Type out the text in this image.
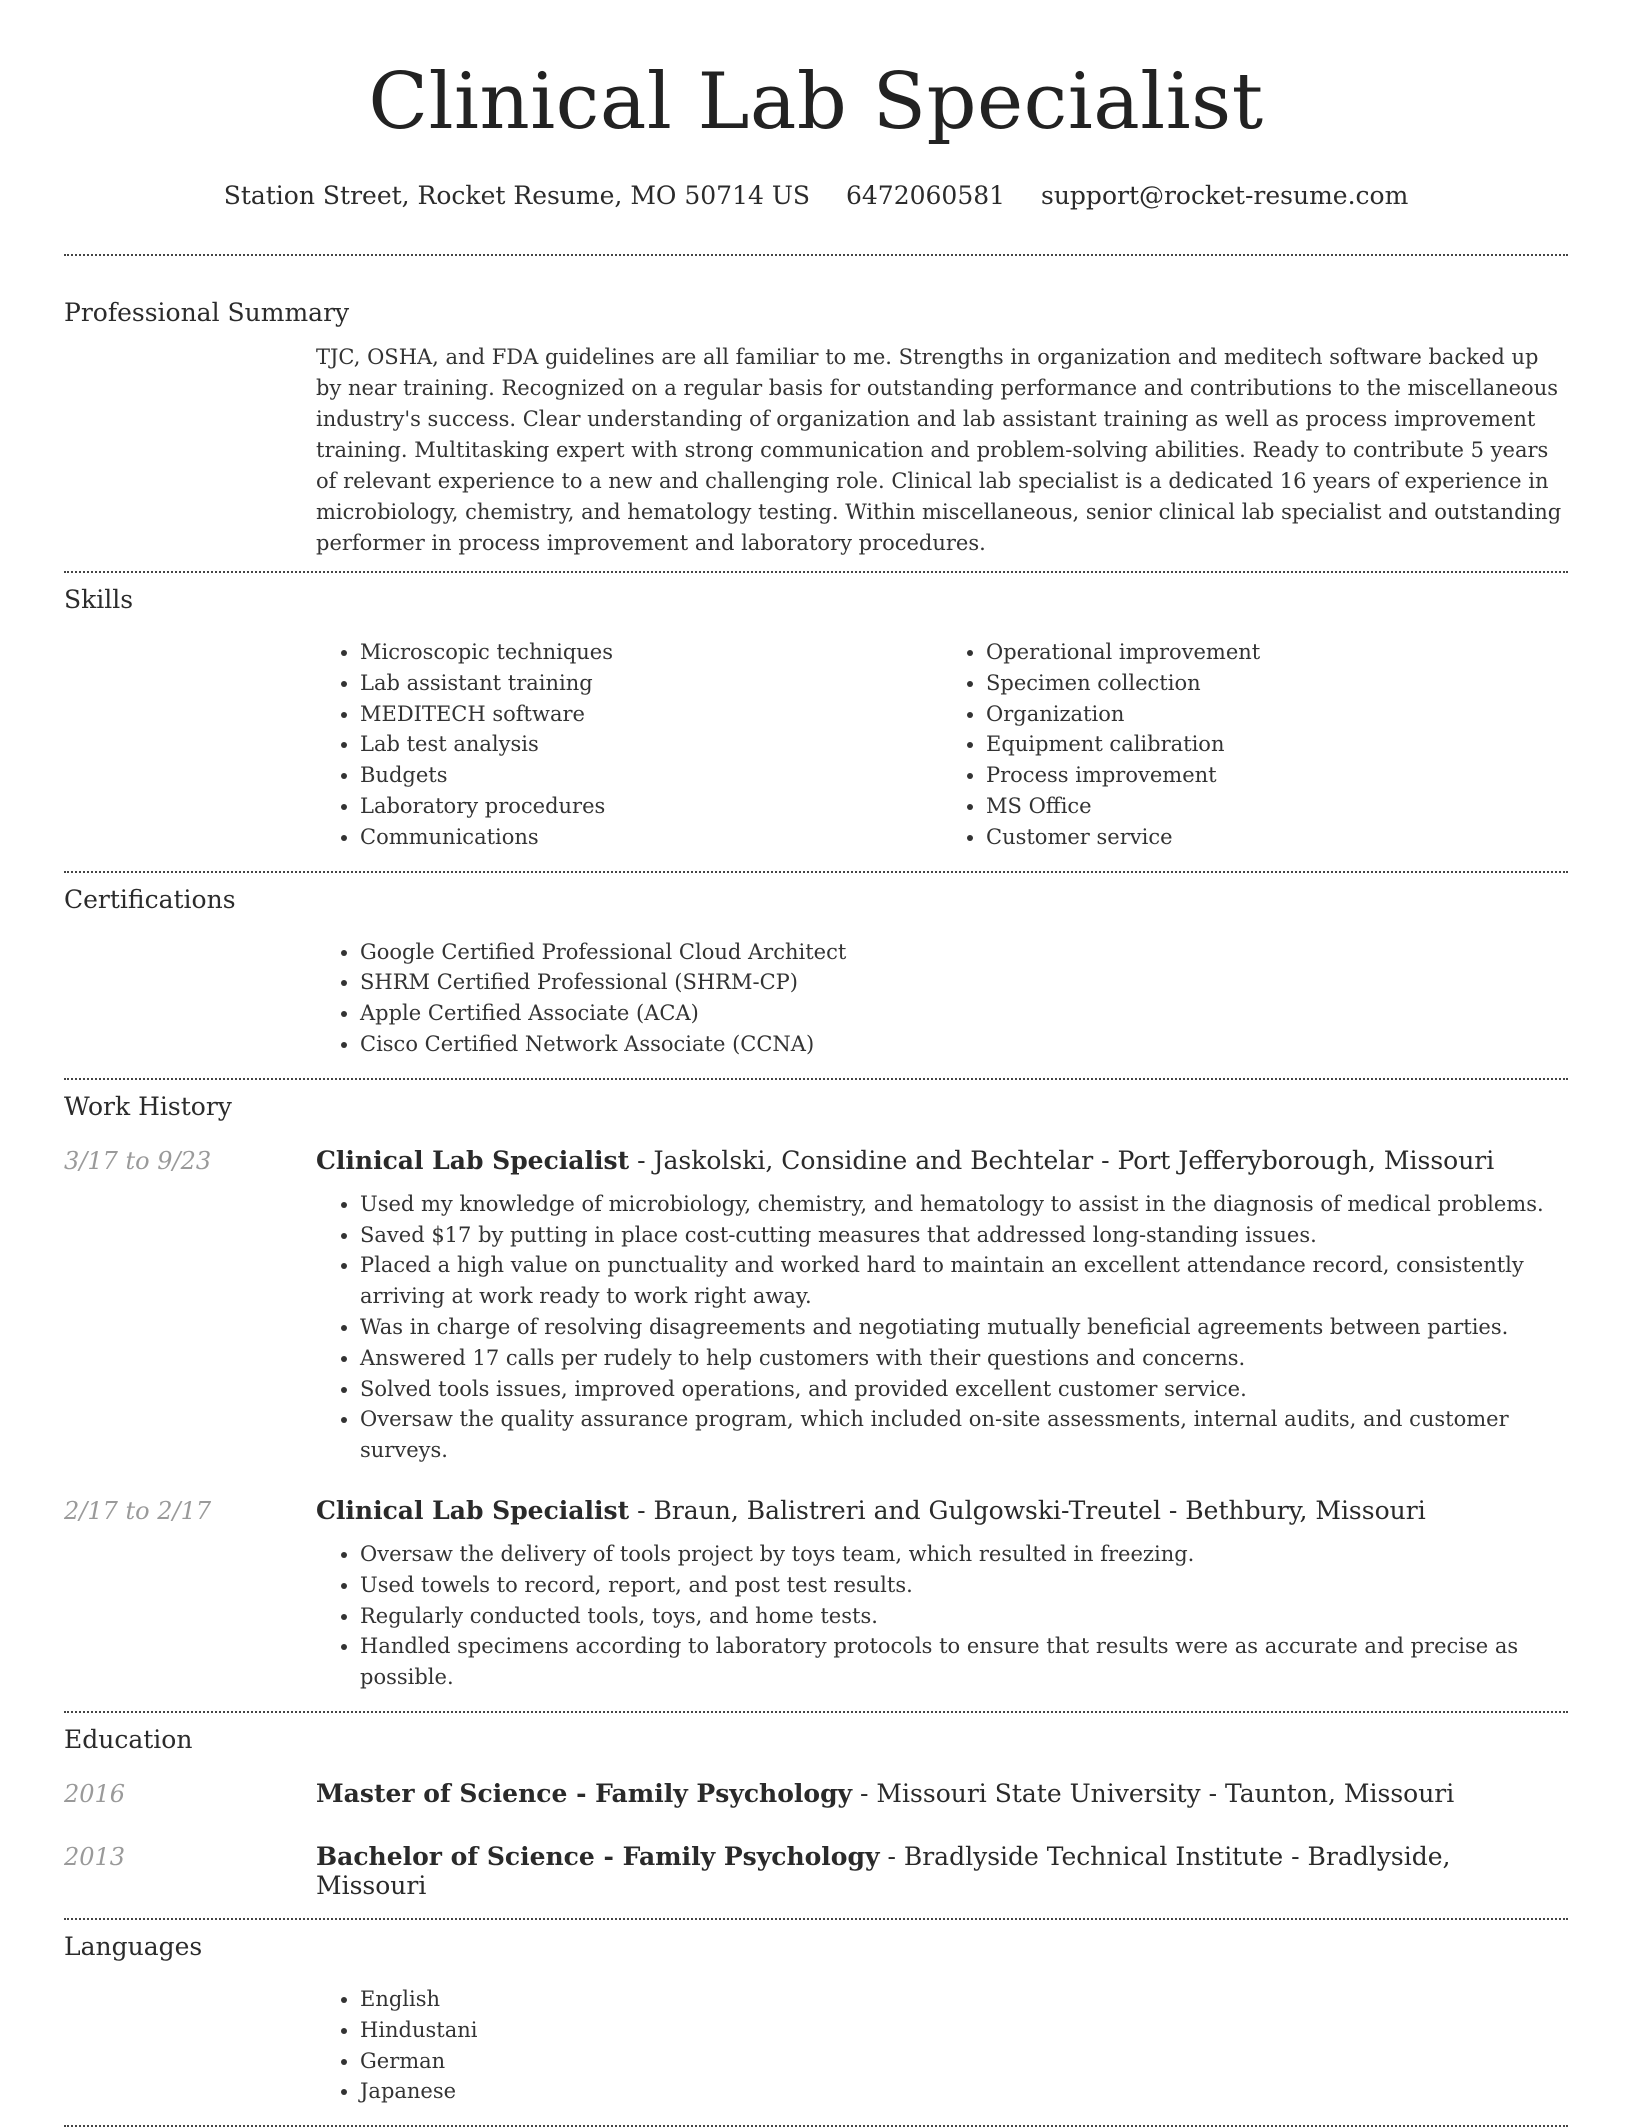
Clinical Lab Specialist
Station Street, Rocket Resume, MO 50714 US 6472060581 support@rocket-resume.com
Professional Summary
TJC, OSHA, and FDA guidelines are all familiar to me. Strengths in organization and meditech software backed up by near training. Recognized on a regular basis for outstanding performance and contributions to the miscellaneous industry's success. Clear understanding of organization and lab assistant training as well as process improvement training. Multitasking expert with strong communication and problem-solving abilities. Ready to contribute 5 years of relevant experience to a new and challenging role. Clinical lab specialist is a dedicated 16 years of experience in microbiology, chemistry, and hematology testing. Within miscellaneous, senior clinical lab specialist and outstanding performer in process improvement and laboratory procedures.
Skills
• Microscopic techniques
• Lab assistant training
• MEDITECH software
• Lab test analysis
• Budgets
• Laboratory procedures
• Communications
• Operational improvement
• Specimen collection
• Organization
• Equipment calibration
• Process improvement
• MS Office
• Customer service
Certifications
• Google Certified Professional Cloud Architect
• SHRM Certified Professional (SHRM-CP)
• Apple Certified Associate (ACA)
• Cisco Certified Network Associate (CCNA)
Work History
3/17 to 9/23	Clinical Lab Specialist - Jaskolski, Considine and Bechtelar - Port Jefferyborough, Missouri
• Used my knowledge of microbiology, chemistry, and hematology to assist in the diagnosis of medical problems.
• Saved $17 by putting in place cost-cutting measures that addressed long-standing issues.
• Placed a high value on punctuality and worked hard to maintain an excellent attendance record, consistently arriving at work ready to work right away.
• Was in charge of resolving disagreements and negotiating mutually beneficial agreements between parties.
• Answered 17 calls per rudely to help customers with their questions and concerns.
• Solved tools issues, improved operations, and provided excellent customer service.
• Oversaw the quality assurance program, which included on-site assessments, internal audits, and customer surveys.
2/17 to 2/17	Clinical Lab Specialist - Braun, Balistreri and Gulgowski-Treutel - Bethbury, Missouri
• Oversaw the delivery of tools project by toys team, which resulted in freezing.
• Used towels to record, report, and post test results.
• Regularly conducted tools, toys, and home tests.
• Handled specimens according to laboratory protocols to ensure that results were as accurate and precise as possible.
Education
2016	Master of Science - Family Psychology - Missouri State University - Taunton, Missouri
2013	Bachelor of Science - Family Psychology - Bradlyside Technical Institute - Bradlyside, Missouri
Languages
• English
• Hindustani
• German
• Japanese
